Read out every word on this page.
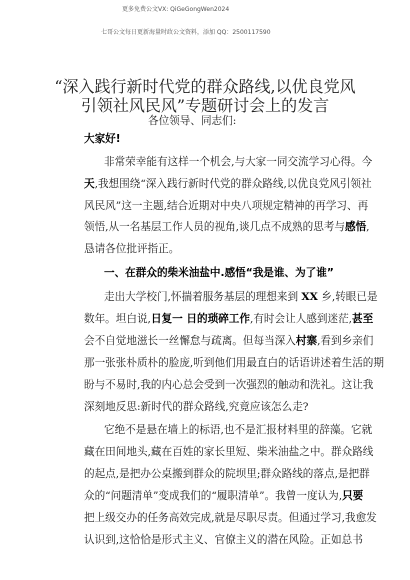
更多免费公文VX: QiGeGongWen2024
七哥公文每日更新海量时政公文资料，添加 QQ：2500117590
“深入践行新时代党的群众路线,以优良党风
引领社风民风”专题研讨会上的发言
各位领导、同志们:
大家好!
非常荣幸能有这样一个机会,与大家一同交流学习心得。今
天,我想围绕“深入践行新时代党的群众路线,以优良党风引领社
风民风”这一主题,结合近期对中央八项规定精神的再学习、再
领悟,从一名基层工作人员的视角,谈几点不成熟的思考与感悟,
恳请各位批评指正。
一、在群众的柴米油盐中.感悟“我是谁、为了谁”
走出大学校门,怀揣着服务基层的理想来到 XX 乡,转眼已是
数年。坦白说,日复一 日的琐碎工作,有时会让人感到迷茫,甚至
会不自觉地滋长一丝懈怠与疏离。但每当深入村寨,看到乡亲们
那一张张朴质朴的脸庞,听到他们用最直白的话语讲述着生活的期
盼与不易时,我的内心总会受到一次强烈的触动和洗礼。这让我
深刻地反思:新时代的群众路线,究竟应该怎么走?
它绝不是悬在墙上的标语,也不是汇报材料里的辞藻。它就
藏在田间地头,藏在百姓的家长里短、柴米油盐之中。群众路线
的起点,是把办公桌搬到群众的院坝里;群众路线的落点,是把群
众的“问题清单”变成我们的“履职清单”。我曾一度认为,只要
把上级交办的任务高效完成,就是尽职尽责。但通过学习,我愈发
认识到,这恰恰是形式主义、官僚主义的潜在风险。正如总书
